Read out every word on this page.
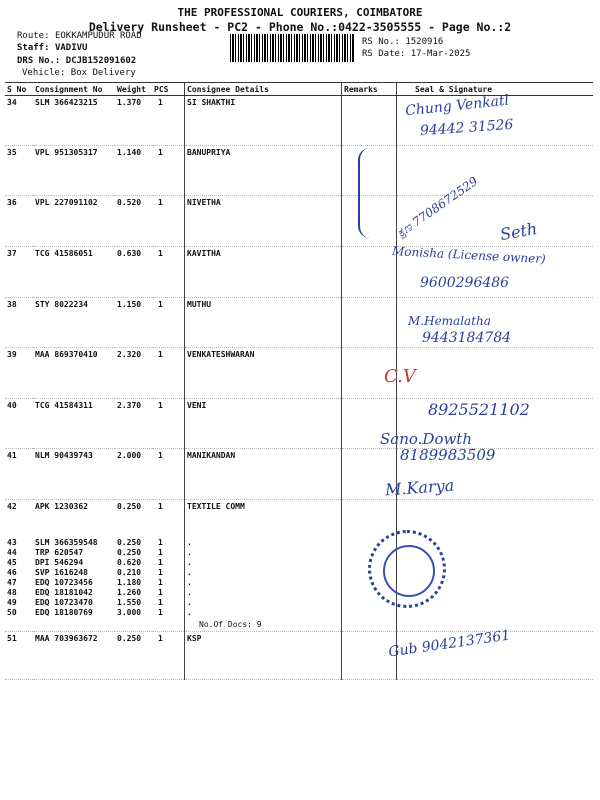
THE PROFESSIONAL COURIERS, COIMBATORE
Delivery Runsheet - PC2 - Phone No.:0422-3505555 - Page No.:2
Route: EOKKAMPUDUR ROAD
Staff: VADIVU
DRS No.: DCJB152091602
Vehicle: Box Delivery
RS No.: 1520916
RS Date: 17-Mar-2025
S No	Consignment No	Weight	PCS	Consignee Details	Remarks	Seal & Signature
34	SLM 366423215	1.370	1	SI SHAKTHI		
35	VPL 951305317	1.140	1	BANUPRIYA		
36	VPL 227091102	0.520	1	NIVETHA		
37	TCG 41586051	0.630	1	KAVITHA		
38	STY 8022234	1.150	1	MUTHU		
39	MAA 869370410	2.320	1	VENKATESHWARAN		
40	TCG 41584311	2.370	1	VENI		
41	NLM 90439743	2.000	1	MANIKANDAN		
42	APK 1230362	0.250	1	TEXTILE COMM		
43	SLM 366359548	0.250	1	.		
44	TRP 620547	0.250	1	.		
45	DPI 546294	0.620	1	.		
46	SVP 1616248	0.210	1	.		
47	EDQ 10723456	1.180	1	.		
48	EDQ 18181042	1.260	1	.		
49	EDQ 10723470	1.550	1	.		
50	EDQ 18180769	3.000	1	.		
				No.Of Docs: 9		
51	MAA 703963672	0.250	1	KSP		
Chung Venkatl
94442 31526
ಕ್ಷಣ 7708672529 Seth
Monisha (License owner)
9600296486
M.Hemalatha
9443184784
C.V
8925521102
Sano.Dowth
8189983509
M.Karya
Gub 9042137361
